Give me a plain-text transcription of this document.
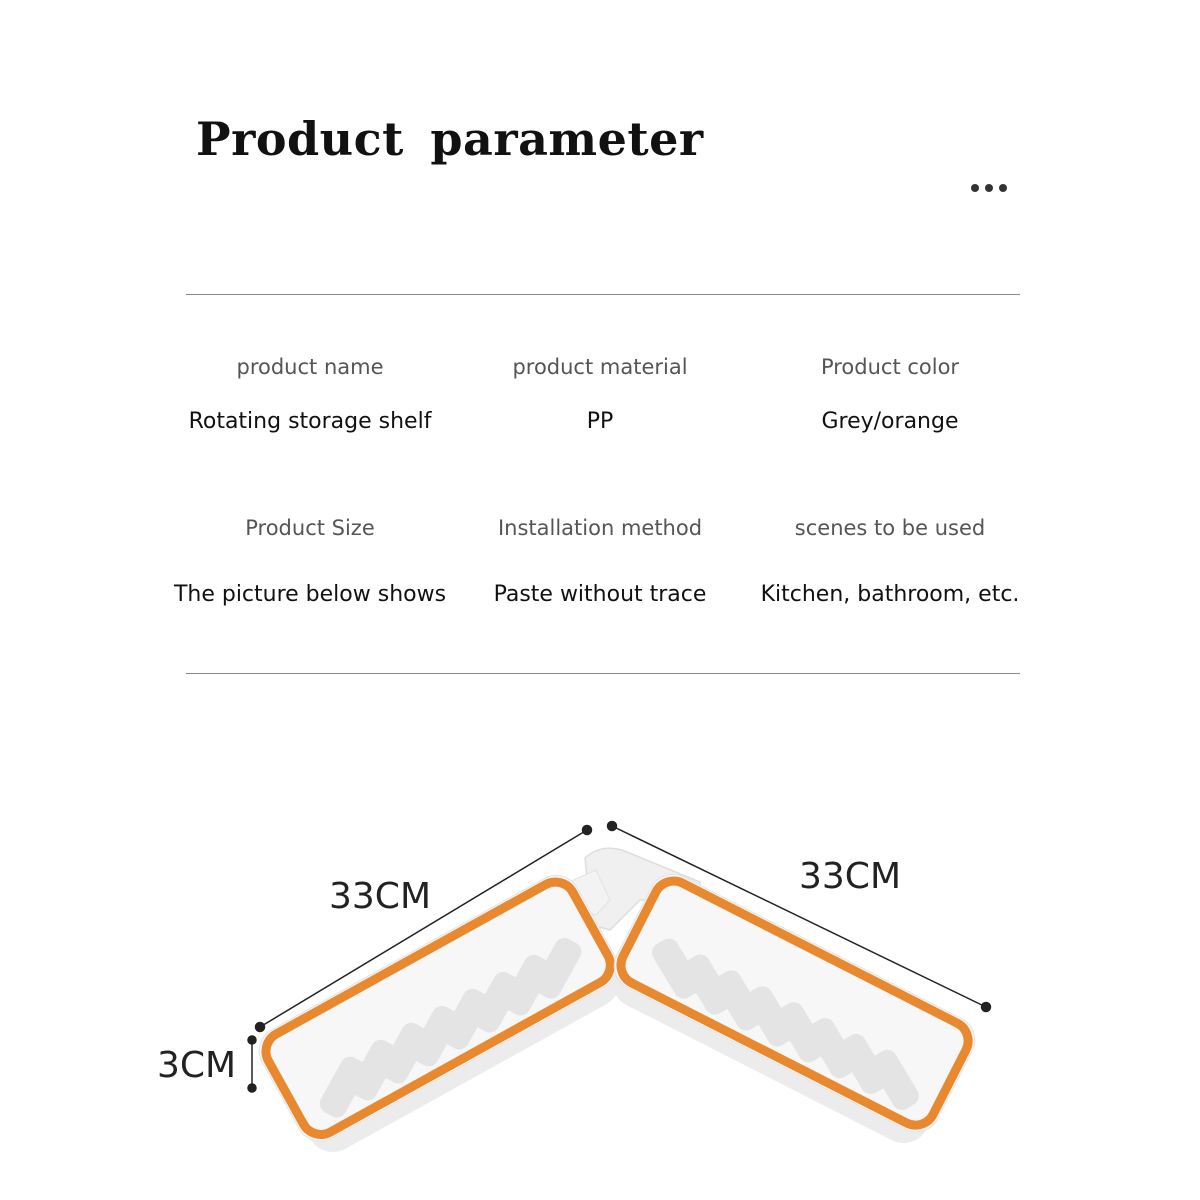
Product parameter
product name
Rotating storage shelf
product material
PP
Product color
Grey/orange
Product Size
The picture below shows
Installation method
Paste without trace
scenes to be used
Kitchen, bathroom, etc.
33CM	33CM
3CM
